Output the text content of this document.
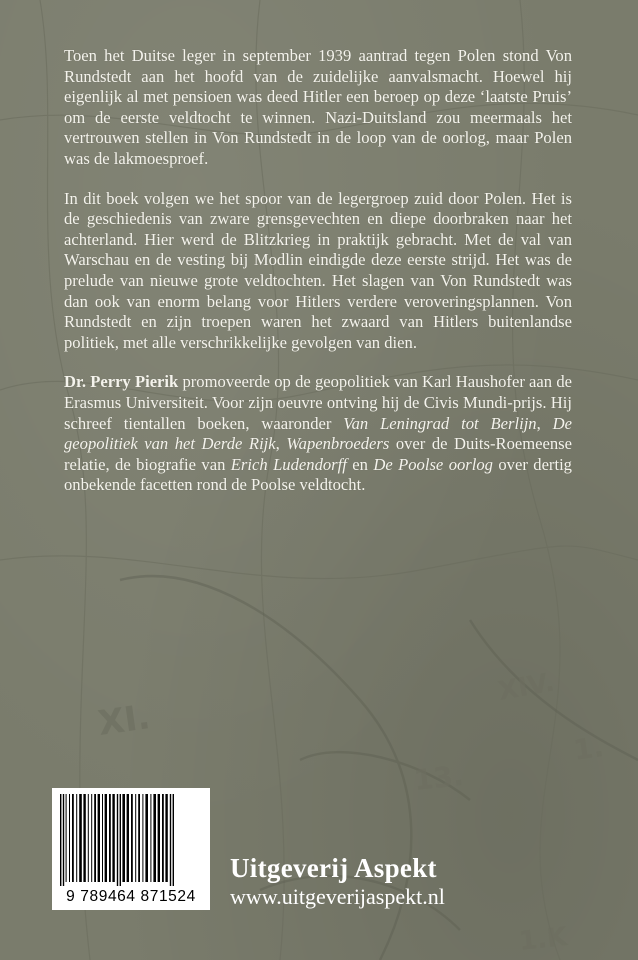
XI.
XIV.
13.
1.
1.K

Toen het Duitse leger in september 1939 aantrad tegen Polen stond Von Rundstedt aan het hoofd van de zuidelijke aanvalsmacht. Hoewel hij eigenlijk al met pensioen was deed Hitler een beroep op deze ‘laatste Pruis’ om de eerste veldtocht te winnen. Nazi-Duitsland zou meermaals het vertrouwen stellen in Von Rundstedt in de loop van de oorlog, maar Polen was de lakmoesproef.

In dit boek volgen we het spoor van de legergroep zuid door Polen. Het is de geschiedenis van zware grensgevechten en diepe doorbraken naar het achterland. Hier werd de Blitzkrieg in praktijk gebracht. Met de val van Warschau en de vesting bij Modlin eindigde deze eerste strijd. Het was de prelude van nieuwe grote veldtochten. Het slagen van Von Rundstedt was dan ook van enorm belang voor Hitlers verdere veroveringsplannen. Von Rundstedt en zijn troepen waren het zwaard van Hitlers buitenlandse politiek, met alle verschrikkelijke gevolgen van dien.

Dr. Perry Pierik promoveerde op de geopolitiek van Karl Haushofer aan de Erasmus Universiteit. Voor zijn oeuvre ontving hij de Civis Mundi-prijs. Hij schreef tientallen boeken, waaronder Van Leningrad tot Berlijn, De geopolitiek van het Derde Rijk, Wapenbroeders over de Duits-Roemeense relatie, de biografie van Erich Ludendorff en De Poolse oorlog over dertig onbekende facetten rond de Poolse veldtocht.

9 789464 871524
Uitgeverij Aspekt
www.uitgeverijaspekt.nl
